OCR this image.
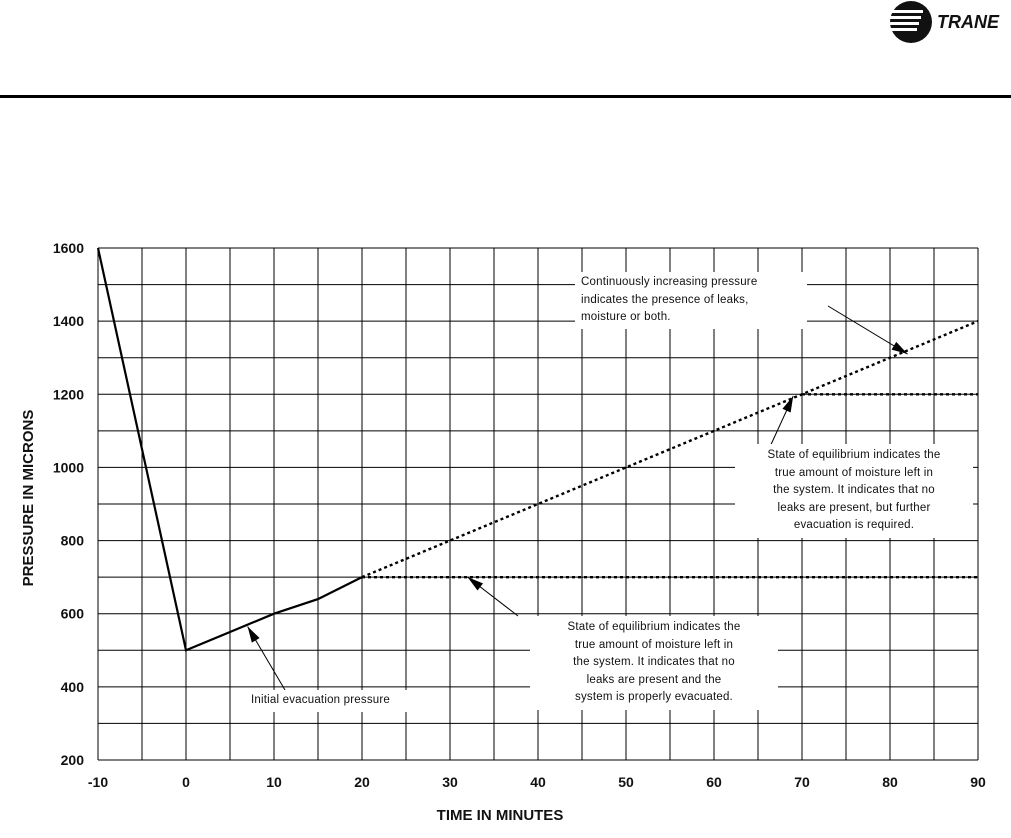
TRANE
-10	0	10	20	30	40	50	60	70	80	90
200
400
600
800
1000
1200
1400
1600
TIME IN MINUTES
PRESSURE IN MICRONS
Continuously increasing pressure
indicates the presence of leaks,
moisture or both.
State of equilibrium indicates the
true amount of moisture left in
the system. It indicates that no
leaks are present, but further
evacuation is required.
State of equilibrium indicates the
true amount of moisture left in
the system. It indicates that no
leaks are present and the
system is properly evacuated.
Initial evacuation pressure
